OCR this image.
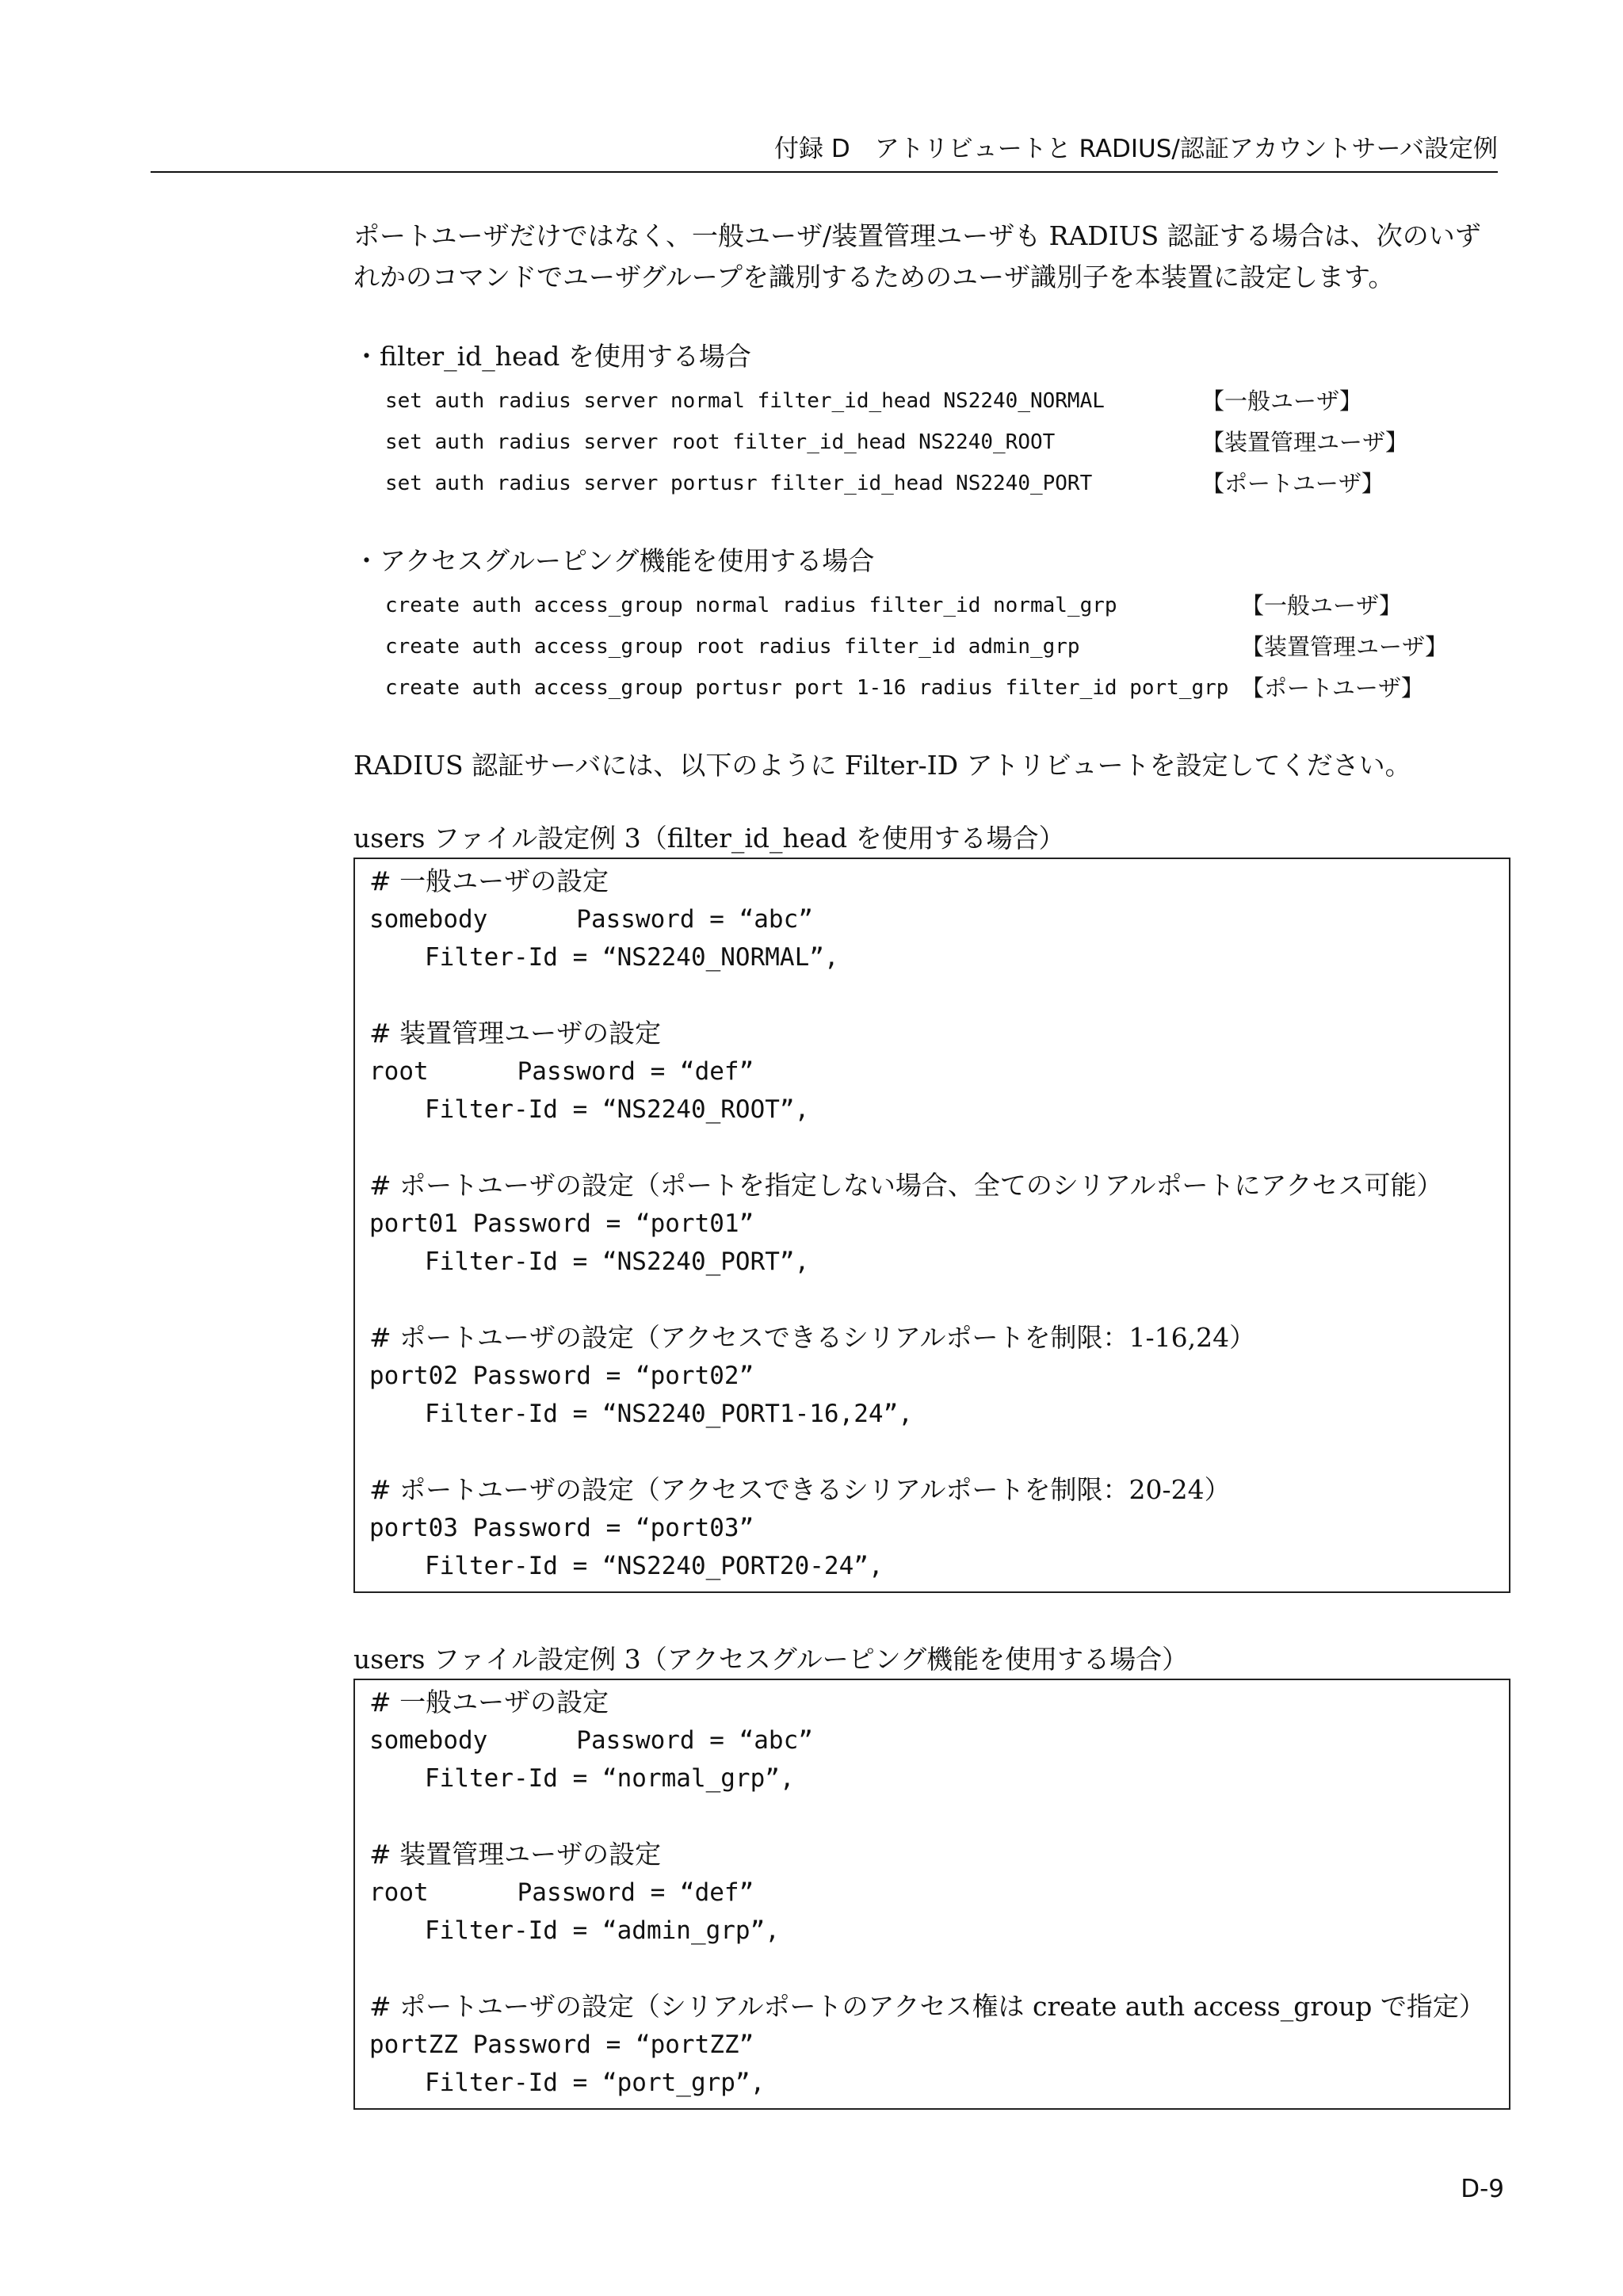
付録 D　アトリビュートと RADIUS/認証アカウントサーバ設定例

ポートユーザだけではなく、一般ユーザ/装置管理ユーザも RADIUS 認証する場合は、次のいずれかのコマンドでユーザグループを識別するためのユーザ識別子を本装置に設定します。

・filter_id_head を使用する場合

set auth radius server normal filter_id_head NS2240_NORMAL	【一般ユーザ】
set auth radius server root filter_id_head NS2240_ROOT	【装置管理ユーザ】
set auth radius server portusr filter_id_head NS2240_PORT	【ポートユーザ】

・アクセスグルーピング機能を使用する場合

create auth access_group normal radius filter_id normal_grp	【一般ユーザ】
create auth access_group root radius filter_id admin_grp	【装置管理ユーザ】
create auth access_group portusr port 1-16 radius filter_id port_grp 【ポートユーザ】

RADIUS 認証サーバには、以下のように Filter-ID アトリビュートを設定してください。

users ファイル設定例 3（filter_id_head を使用する場合）

# 一般ユーザの設定
somebody      Password = “abc”
Filter-Id = “NS2240_NORMAL”,
# 装置管理ユーザの設定
root      Password = “def”
Filter-Id = “NS2240_ROOT”,
# ポートユーザの設定（ポートを指定しない場合、全てのシリアルポートにアクセス可能）
port01 Password = “port01”
Filter-Id = “NS2240_PORT”,
# ポートユーザの設定（アクセスできるシリアルポートを制限：1-16,24）
port02 Password = “port02”
Filter-Id = “NS2240_PORT1-16,24”,
# ポートユーザの設定（アクセスできるシリアルポートを制限：20-24）
port03 Password = “port03”
Filter-Id = “NS2240_PORT20-24”,

users ファイル設定例 3（アクセスグルーピング機能を使用する場合）

# 一般ユーザの設定
somebody      Password = “abc”
Filter-Id = “normal_grp”,
# 装置管理ユーザの設定
root      Password = “def”
Filter-Id = “admin_grp”,
# ポートユーザの設定（シリアルポートのアクセス権は create auth access_group で指定）
portZZ Password = “portZZ”
Filter-Id = “port_grp”,
D-9
